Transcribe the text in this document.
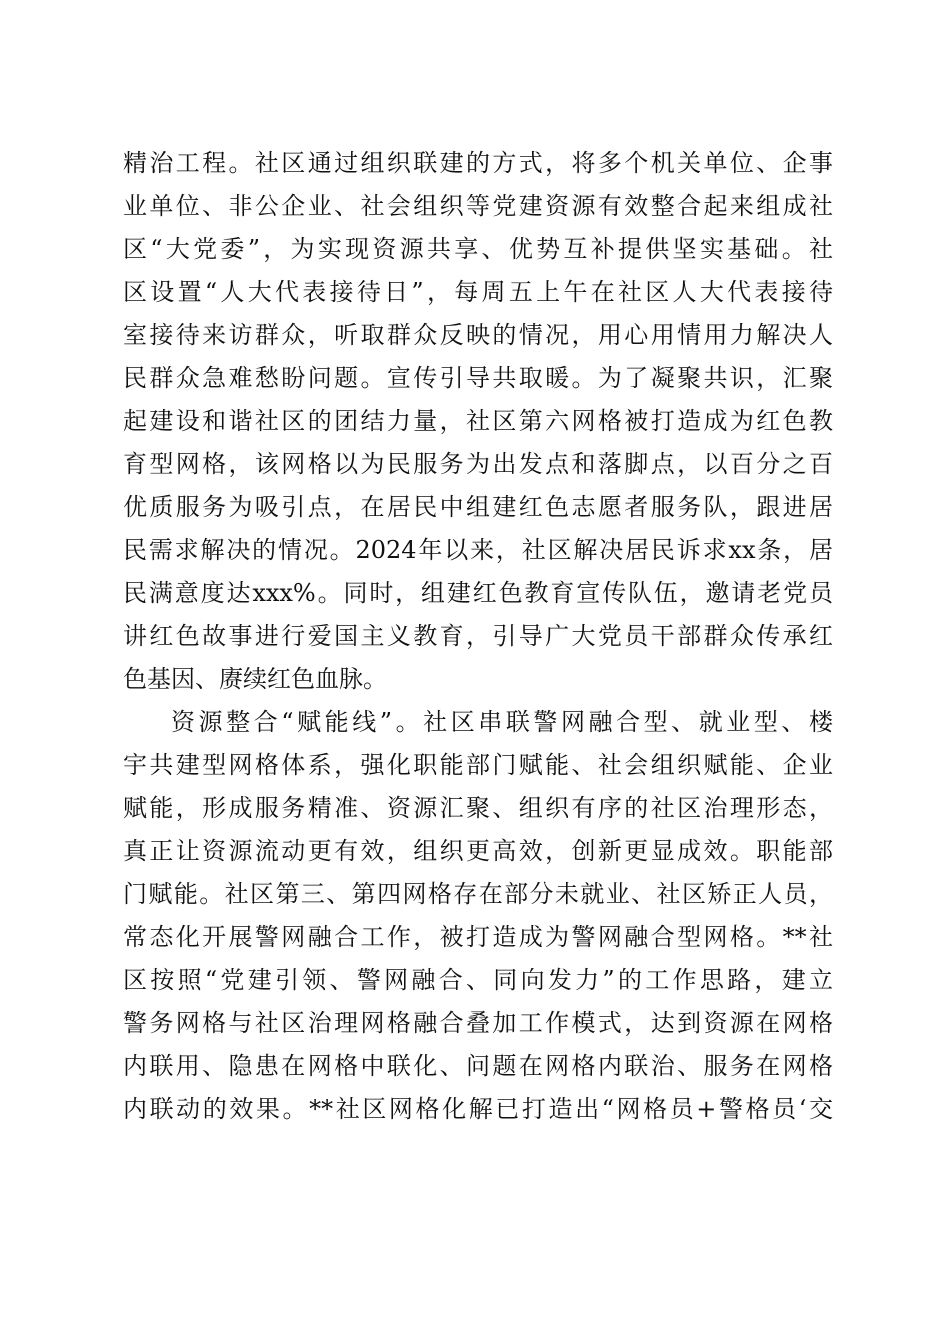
精治工程。社区通过组织联建的方式，将多个机关单位、企事
业单位、非公企业、社会组织等党建资源有效整合起来组成社
区“大党委”，为实现资源共享、优势互补提供坚实基础。社
区设置“人大代表接待日”，每周五上午在社区人大代表接待
室接待来访群众，听取群众反映的情况，用心用情用力解决人
民群众急难愁盼问题。宣传引导共取暖。为了凝聚共识，汇聚
起建设和谐社区的团结力量，社区第六网格被打造成为红色教
育型网格，该网格以为民服务为出发点和落脚点，以百分之百
优质服务为吸引点，在居民中组建红色志愿者服务队，跟进居
民需求解决的情况。2024年以来，社区解决居民诉求xx条，居
民满意度达xxx%。同时，组建红色教育宣传队伍，邀请老党员
讲红色故事进行爱国主义教育，引导广大党员干部群众传承红
色基因、赓续红色血脉。
资源整合“赋能线”。社区串联警网融合型、就业型、楼
宇共建型网格体系，强化职能部门赋能、社会组织赋能、企业
赋能，形成服务精准、资源汇聚、组织有序的社区治理形态，
真正让资源流动更有效，组织更高效，创新更显成效。职能部
门赋能。社区第三、第四网格存在部分未就业、社区矫正人员，
常态化开展警网融合工作，被打造成为警网融合型网格。**社
区按照“党建引领、警网融合、同向发力”的工作思路，建立
警务网格与社区治理网格融合叠加工作模式，达到资源在网格
内联用、隐患在网格中联化、问题在网格内联治、服务在网格
内联动的效果。**社区网格化解已打造出“网格员+警格员‘交
